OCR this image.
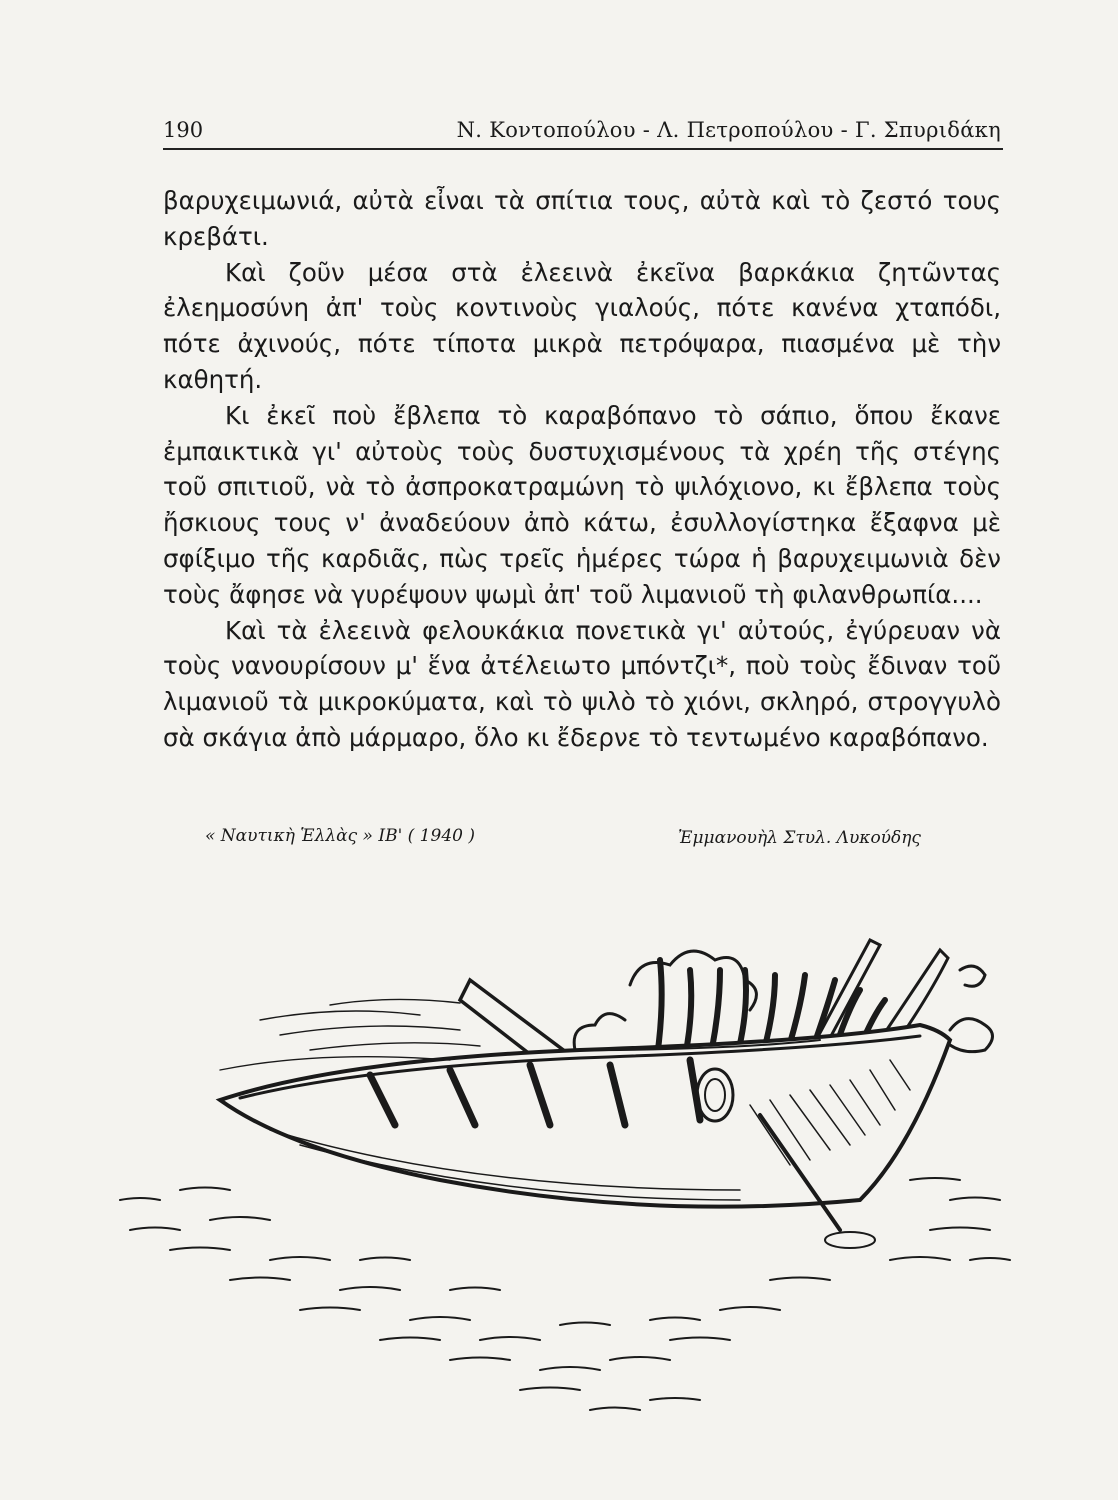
190	Ν. Κοντοπούλου - Λ. Πετροπούλου - Γ. Σπυριδάκη

βαρυχειμωνιά, αὐτὰ εἶναι τὰ σπίτια τους, αὐτὰ καὶ τὸ ζεστό τους κρεβάτι.

Καὶ ζοῦν μέσα στὰ ἐλεεινὰ ἐκεῖνα βαρκάκια ζητῶντας ἐλεημοσύνη ἀπ' τοὺς κοντινοὺς γιαλούς, πότε κανένα χταπόδι, πότε ἀχινούς, πότε τίποτα μικρὰ πετρόψαρα, πιασμένα μὲ τὴν καθητή.

Κι ἐκεῖ ποὺ ἔβλεπα τὸ καραβόπανο τὸ σάπιο, ὅπου ἔκανε ἐμπαικτικὰ γι' αὐτοὺς τοὺς δυστυχισμένους τὰ χρέη τῆς στέγης τοῦ σπιτιοῦ, νὰ τὸ ἀσπροκατραμώνη τὸ ψιλόχιονο, κι ἔβλεπα τοὺς ἤσκιους τους ν' ἀναδεύουν ἀπὸ κάτω, ἐσυλλογίστηκα ἔξαφνα μὲ σφίξιμο τῆς καρδιᾶς, πὼς τρεῖς ἡμέρες τώρα ἡ βαρυχειμωνιὰ δὲν τοὺς ἄφησε νὰ γυρέψουν ψωμὶ ἀπ' τοῦ λιμανιοῦ τὴ φιλανθρωπία....

Καὶ τὰ ἐλεεινὰ φελουκάκια πονετικὰ γι' αὐτούς, ἐγύρευαν νὰ τοὺς νανουρίσουν μ' ἕνα ἀτέλειωτο μπόντζι*, ποὺ τοὺς ἔδιναν τοῦ λιμανιοῦ τὰ μικροκύματα, καὶ τὸ ψιλὸ τὸ χιόνι, σκληρό, στρογγυλὸ σὰ σκάγια ἀπὸ μάρμαρο, ὅλο κι ἔδερνε τὸ τεντωμένο καραβόπανο.

« Ναυτικὴ Ἑλλὰς » ΙΒ' ( 1940 )	Ἐμμανουὴλ Στυλ. Λυκούδης
